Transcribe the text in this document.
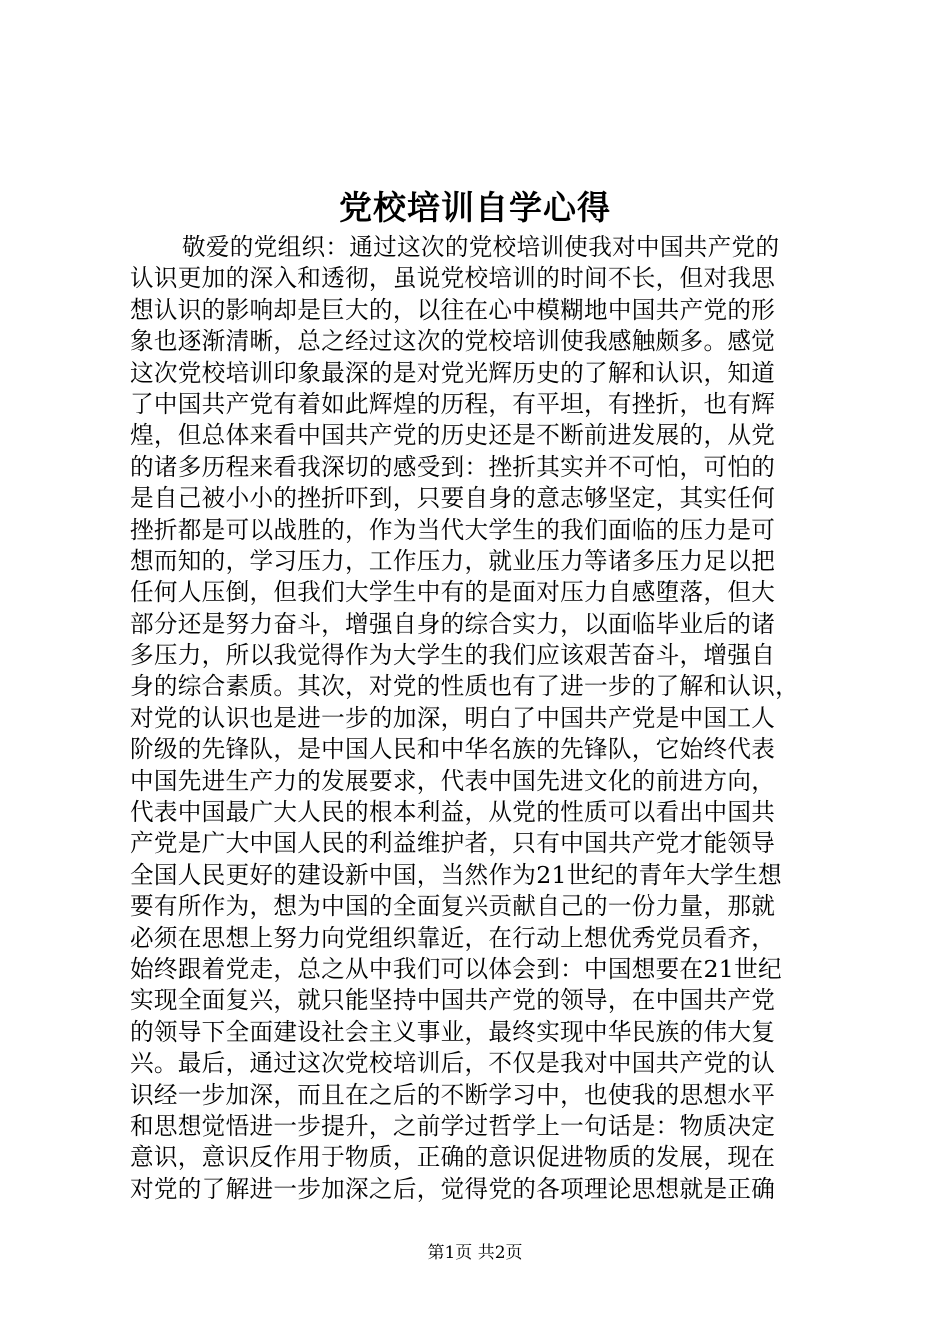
党校培训自学心得
敬爱的党组织：通过这次的党校培训使我对中国共产党的
认识更加的深入和透彻，虽说党校培训的时间不长，但对我思
想认识的影响却是巨大的，以往在心中模糊地中国共产党的形
象也逐渐清晰，总之经过这次的党校培训使我感触颇多。感觉
这次党校培训印象最深的是对党光辉历史的了解和认识，知道
了中国共产党有着如此辉煌的历程，有平坦，有挫折，也有辉
煌，但总体来看中国共产党的历史还是不断前进发展的，从党
的诸多历程来看我深切的感受到：挫折其实并不可怕，可怕的
是自己被小小的挫折吓到，只要自身的意志够坚定，其实任何
挫折都是可以战胜的，作为当代大学生的我们面临的压力是可
想而知的，学习压力，工作压力，就业压力等诸多压力足以把
任何人压倒，但我们大学生中有的是面对压力自感堕落，但大
部分还是努力奋斗，增强自身的综合实力，以面临毕业后的诸
多压力，所以我觉得作为大学生的我们应该艰苦奋斗，增强自
身的综合素质。其次，对党的性质也有了进一步的了解和认识，
对党的认识也是进一步的加深，明白了中国共产党是中国工人
阶级的先锋队，是中国人民和中华名族的先锋队，它始终代表
中国先进生产力的发展要求，代表中国先进文化的前进方向，
代表中国最广大人民的根本利益，从党的性质可以看出中国共
产党是广大中国人民的利益维护者，只有中国共产党才能领导
全国人民更好的建设新中国，当然作为21世纪的青年大学生想
要有所作为，想为中国的全面复兴贡献自己的一份力量，那就
必须在思想上努力向党组织靠近，在行动上想优秀党员看齐，
始终跟着党走，总之从中我们可以体会到：中国想要在21世纪
实现全面复兴，就只能坚持中国共产党的领导，在中国共产党
的领导下全面建设社会主义事业，最终实现中华民族的伟大复
兴。最后，通过这次党校培训后，不仅是我对中国共产党的认
识经一步加深，而且在之后的不断学习中，也使我的思想水平
和思想觉悟进一步提升，之前学过哲学上一句话是：物质决定
意识，意识反作用于物质，正确的意识促进物质的发展，现在
对党的了解进一步加深之后，觉得党的各项理论思想就是正确
第1页 共2页
